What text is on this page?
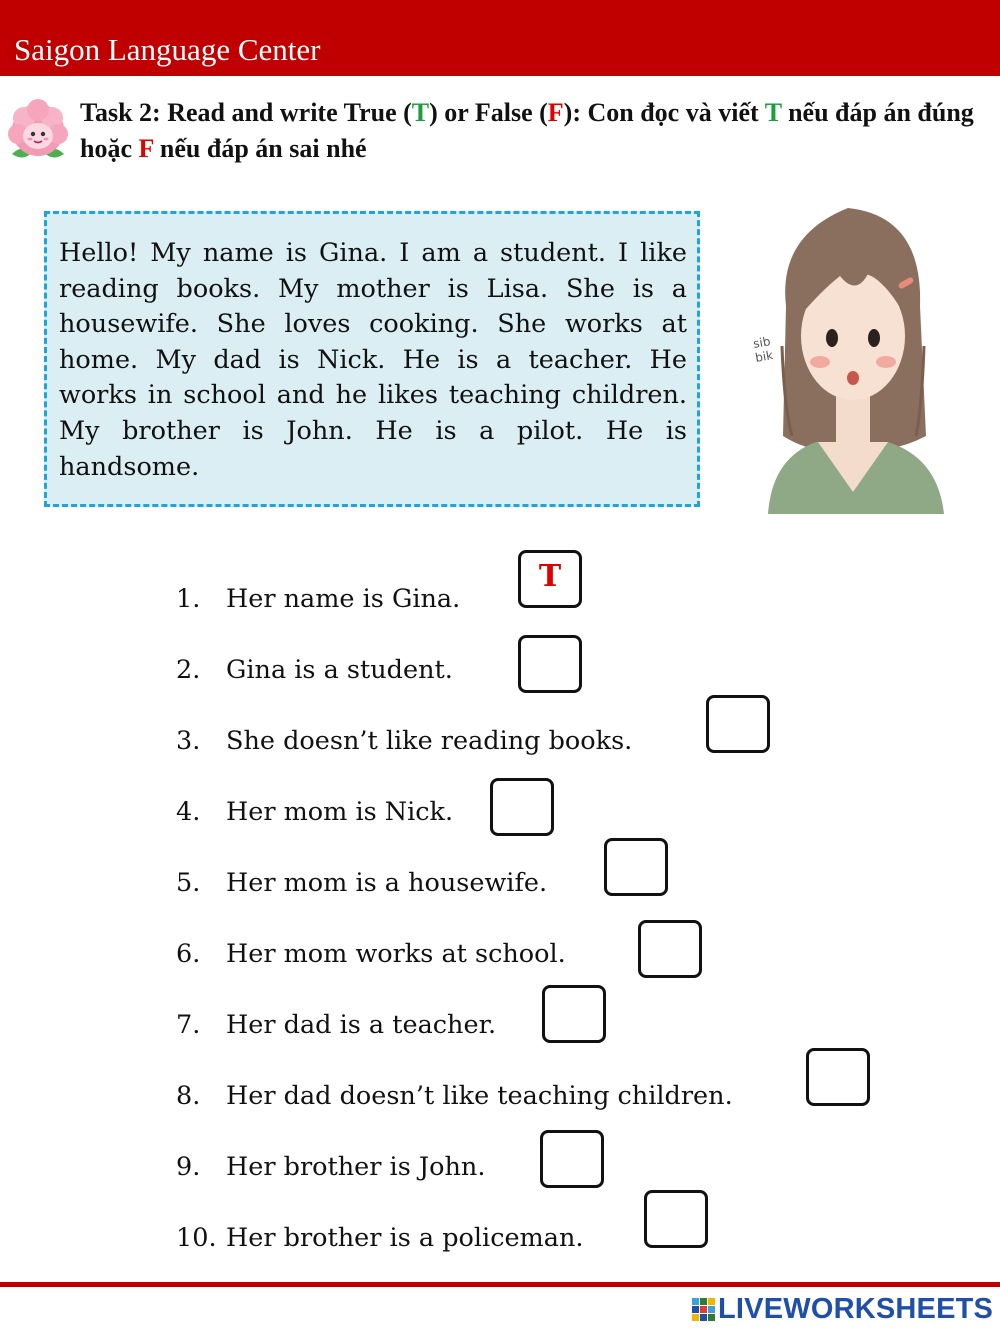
Saigon Language Center
Task 2: Read and write True (T) or False (F): Con đọc và viết T nếu đáp án đúng hoặc F nếu đáp án sai nhé
Hello! My name is Gina. I am a student. I like reading books. My mother is Lisa. She is a housewife. She loves cooking. She works at home. My dad is Nick. He is a teacher. He works in school and he likes teaching children. My brother is John. He is a pilot. He is handsome.
sib
bik
1.	Her name is Gina.
T
2.	Gina is a student.
3.	She doesn’t like reading books.
4.	Her mom is Nick.
5.	Her mom is a housewife.
6.	Her mom works at school.
7.	Her dad is a teacher.
8.	Her dad doesn’t like teaching children.
9.	Her brother is John.
10. Her brother is a policeman.
LIVEWORKSHEETS
